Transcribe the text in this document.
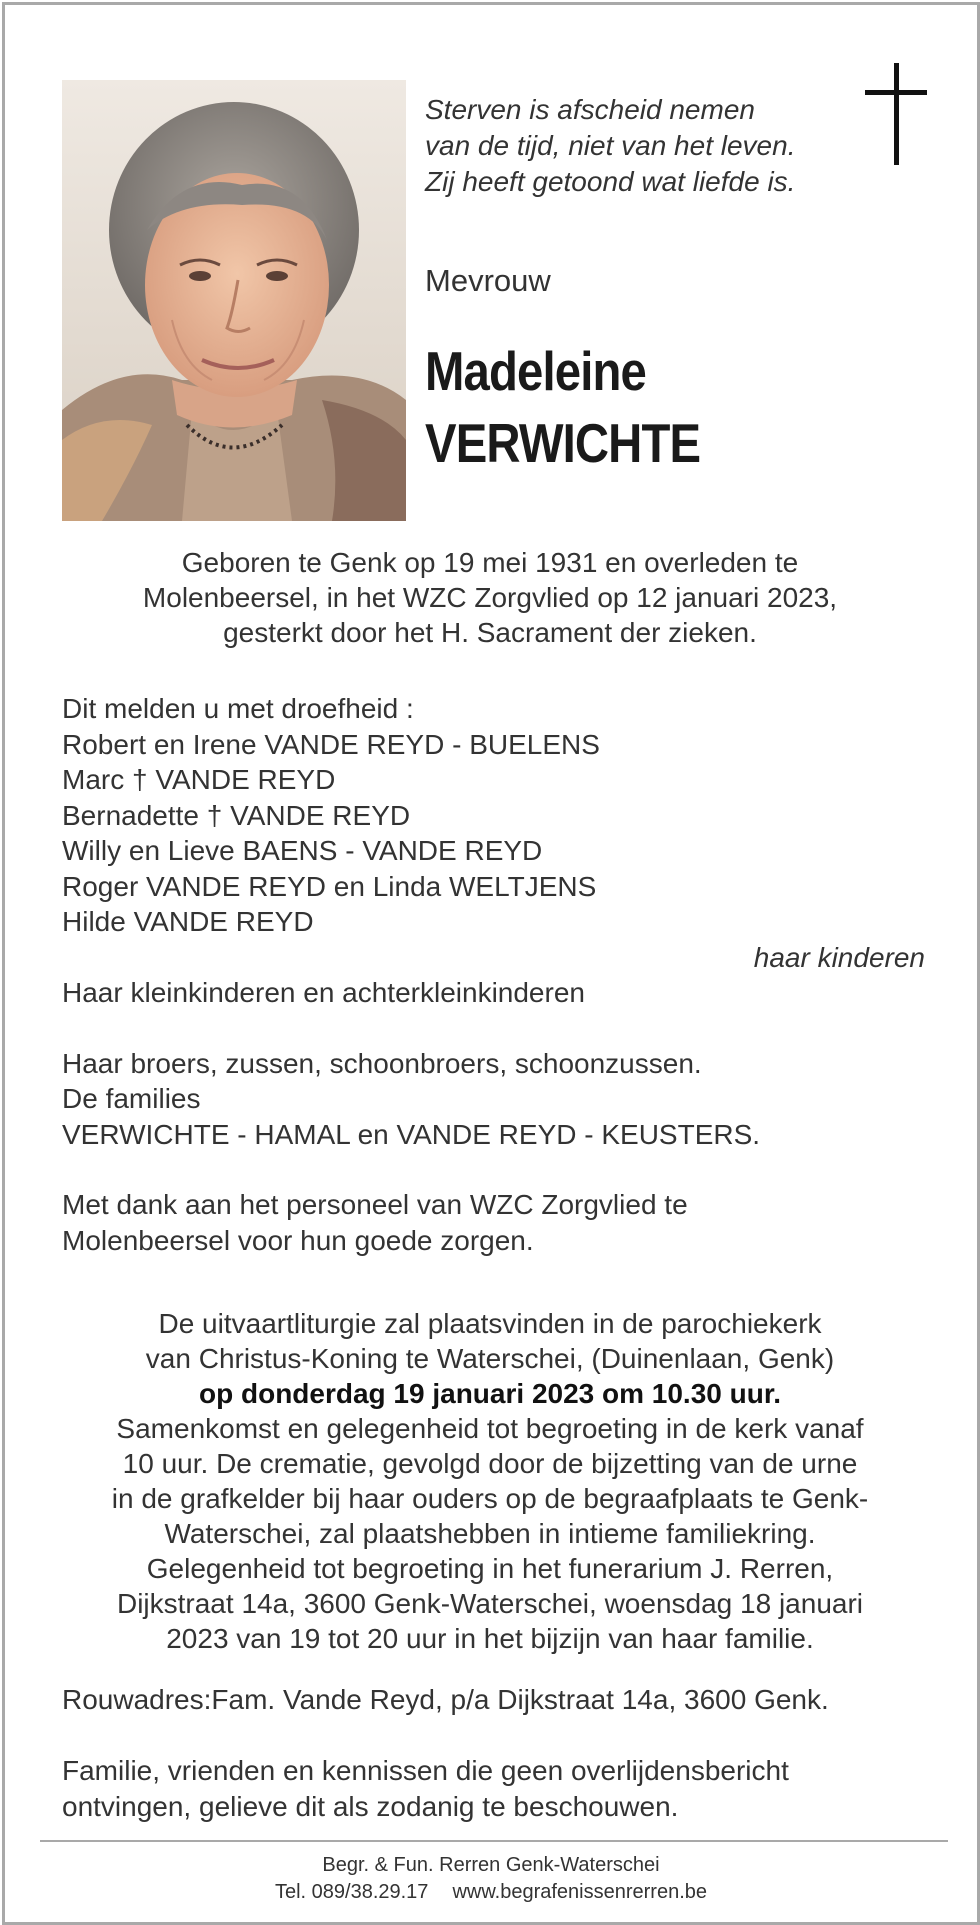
Sterven is afscheid nemen
van de tijd, niet van het leven.
Zij heeft getoond wat liefde is.
Mevrouw
Madeleine
VERWICHTE
Geboren te Genk op 19 mei 1931 en overleden te
Molenbeersel, in het WZC Zorgvlied op 12 januari 2023,
gesterkt door het H. Sacrament der zieken.
Dit melden u met droefheid :
Robert en Irene VANDE REYD - BUELENS
Marc † VANDE REYD
Bernadette † VANDE REYD
Willy en Lieve BAENS - VANDE REYD
Roger VANDE REYD en Linda WELTJENS
Hilde VANDE REYD
haar kinderen
Haar kleinkinderen en achterkleinkinderen
Haar broers, zussen, schoonbroers, schoonzussen.
De families
VERWICHTE - HAMAL en VANDE REYD - KEUSTERS.
Met dank aan het personeel van WZC Zorgvlied te
Molenbeersel voor hun goede zorgen.
De uitvaartliturgie zal plaatsvinden in de parochiekerk
van Christus-Koning te Waterschei, (Duinenlaan, Genk)
op donderdag 19 januari 2023 om 10.30 uur.
Samenkomst en gelegenheid tot begroeting in de kerk vanaf
10 uur. De crematie, gevolgd door de bijzetting van de urne
in de grafkelder bij haar ouders op de begraafplaats te Genk-
Waterschei, zal plaatshebben in intieme familiekring.
Gelegenheid tot begroeting in het funerarium J. Rerren,
Dijkstraat 14a, 3600 Genk-Waterschei, woensdag 18 januari
2023 van 19 tot 20 uur in het bijzijn van haar familie.
Rouwadres:Fam. Vande Reyd, p/a Dijkstraat 14a, 3600 Genk.
Familie, vrienden en kennissen die geen overlijdensbericht
ontvingen, gelieve dit als zodanig te beschouwen.
Begr. & Fun. Rerren Genk-Waterschei
Tel. 089/38.29.17 www.begrafenissenrerren.be
